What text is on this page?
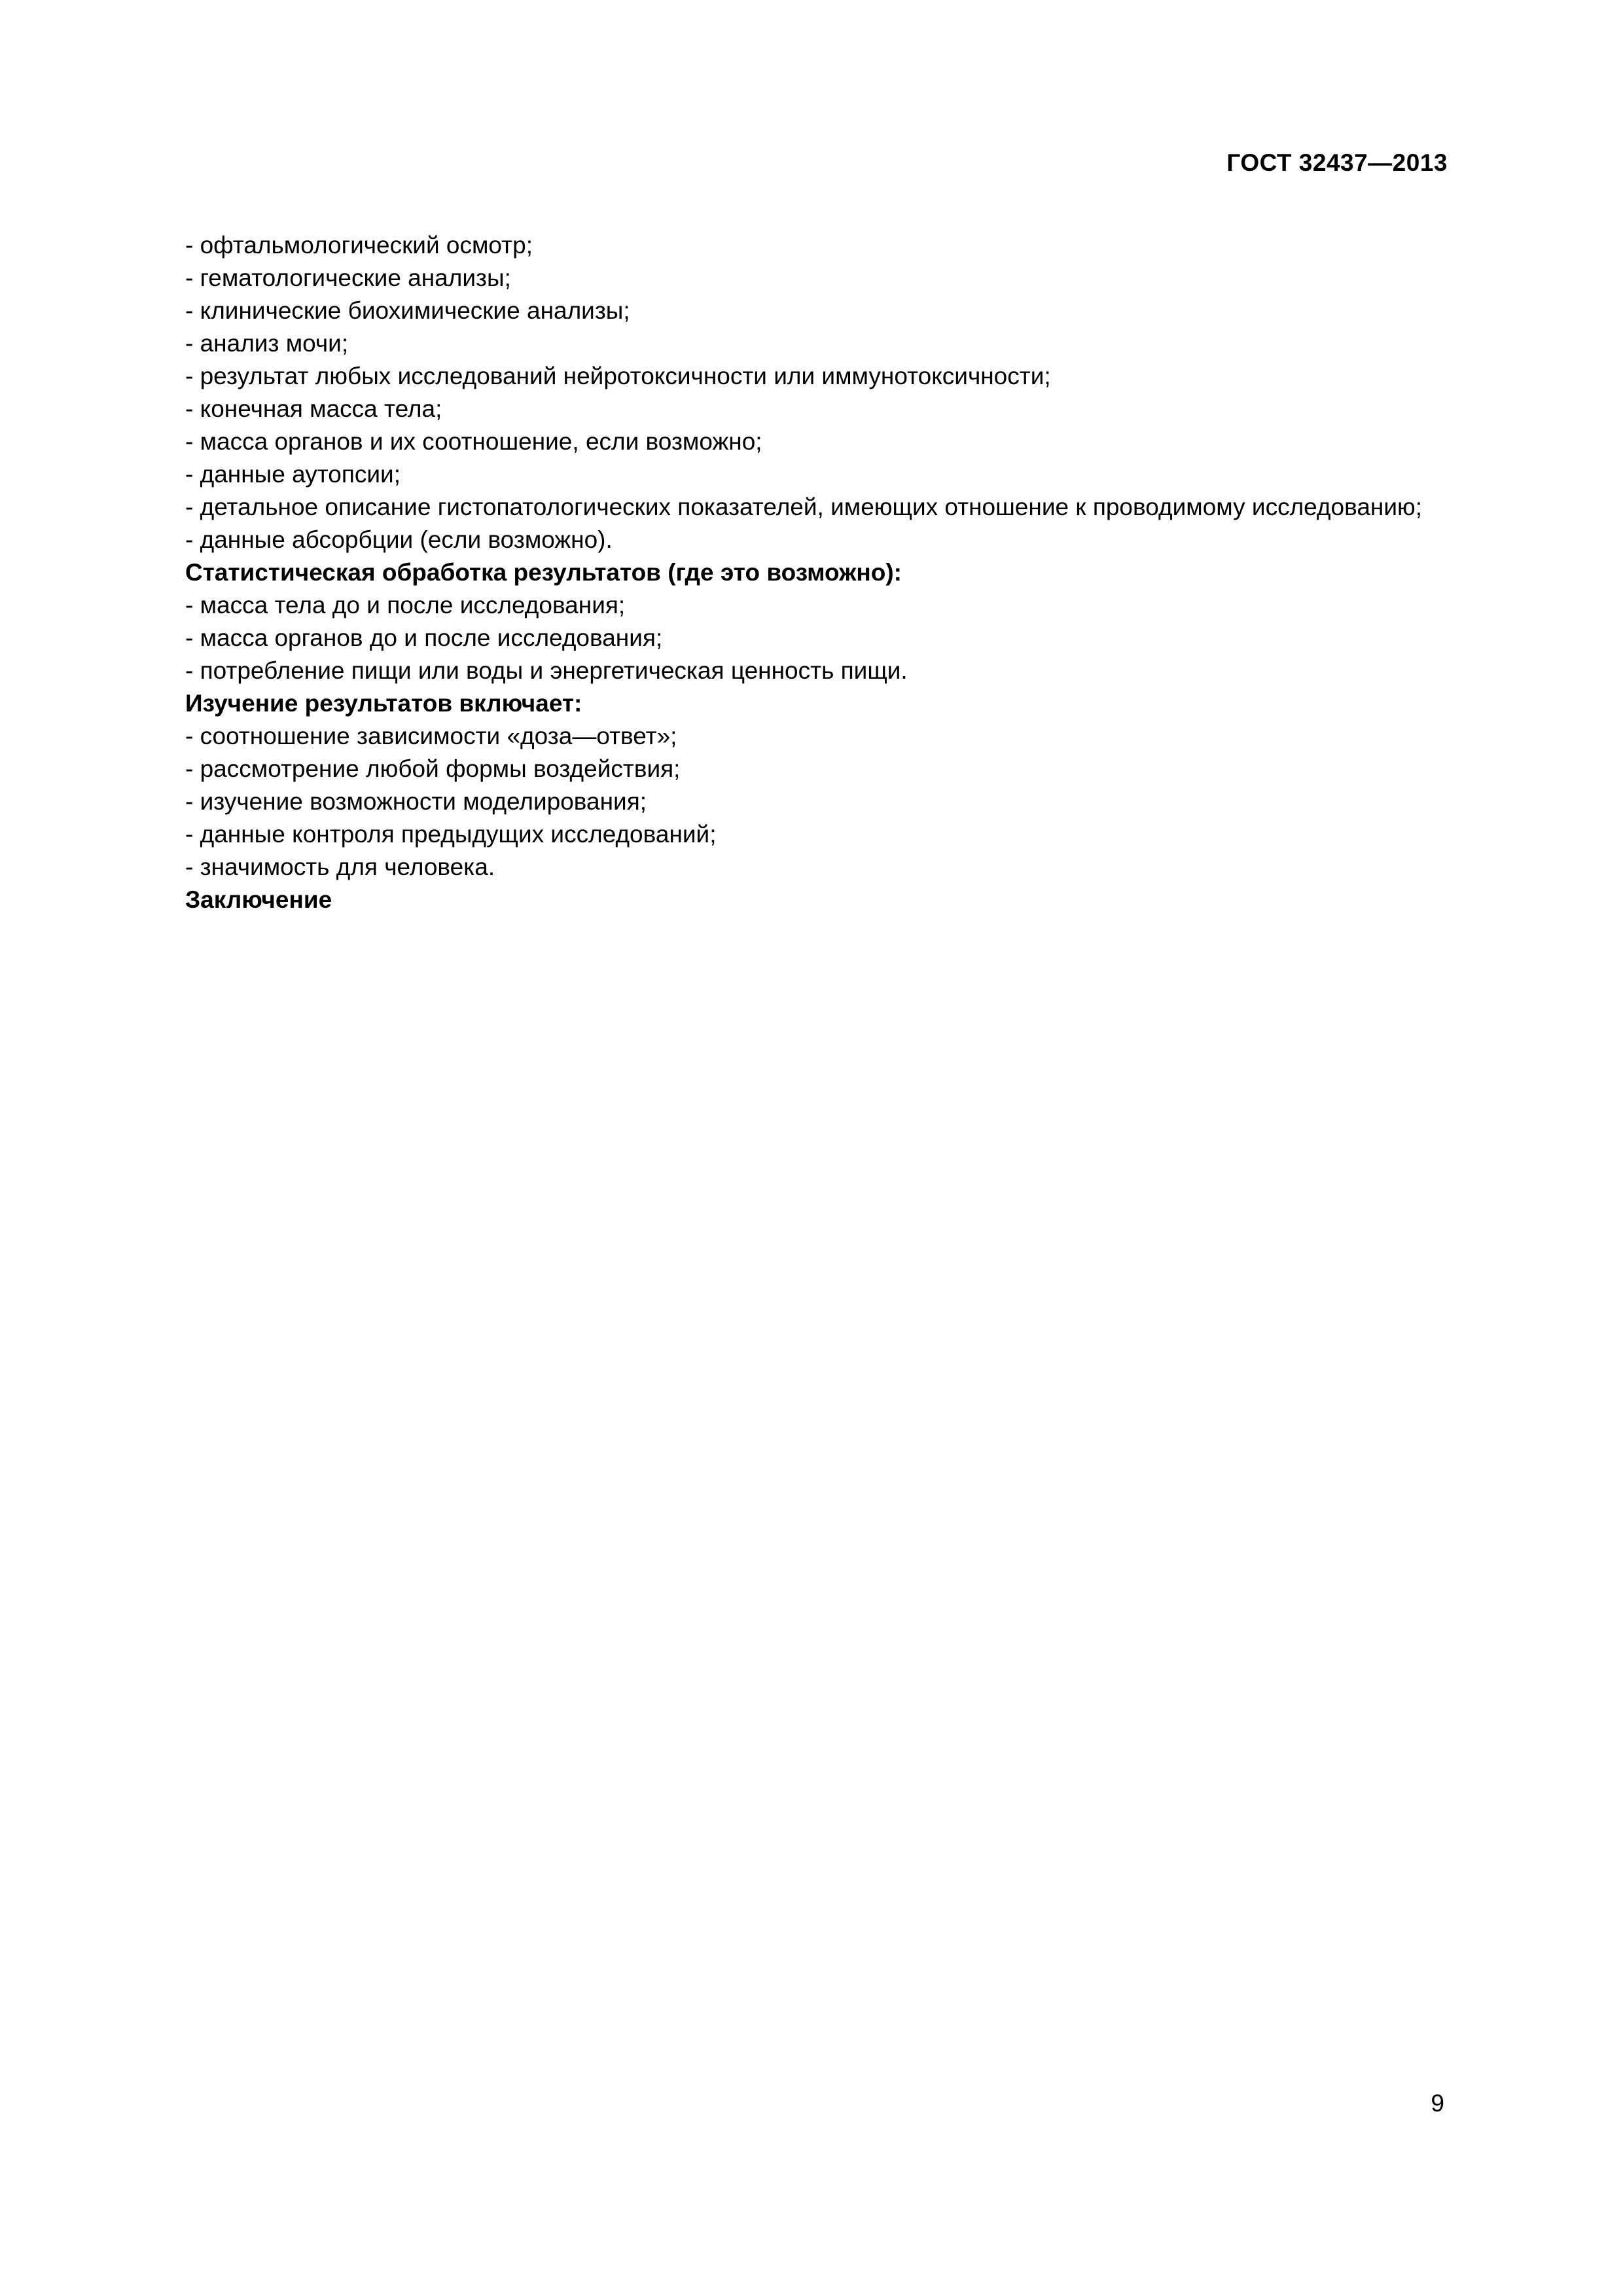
ГОСТ 32437—2013

- офтальмологический осмотр;

- гематологические анализы;

- клинические биохимические анализы;

- анализ мочи;

- результат любых исследований нейротоксичности или иммунотоксичности;

- конечная масса тела;

- масса органов и их соотношение, если возможно;

- данные аутопсии;

- детальное описание гистопатологических показателей, имеющих отношение к проводимому исследованию;

- данные абсорбции (если возможно).

Статистическая обработка результатов (где это возможно):

- масса тела до и после исследования;

- масса органов до и после исследования;

- потребление пищи или воды и энергетическая ценность пищи.

Изучение результатов включает:

- соотношение зависимости «доза—ответ»;

- рассмотрение любой формы воздействия;

- изучение возможности моделирования;

- данные контроля предыдущих исследований;

- значимость для человека.

Заключение

9
